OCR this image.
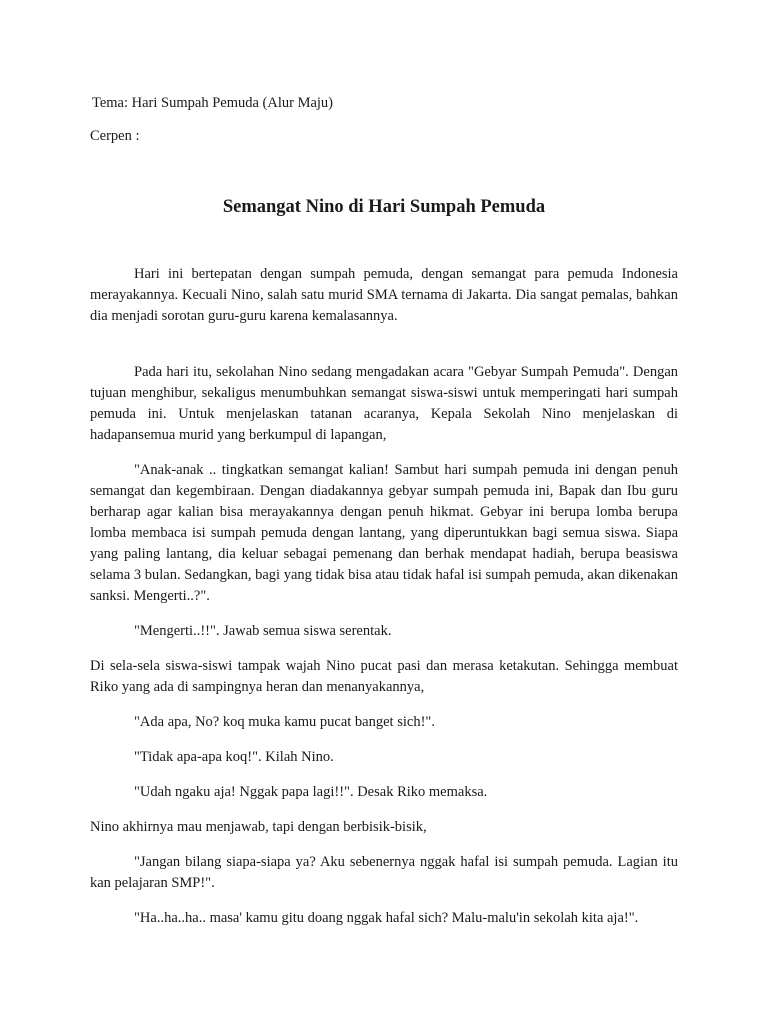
Tema: Hari Sumpah Pemuda (Alur Maju)

Cerpen :

Semangat Nino di Hari Sumpah Pemuda

Hari ini bertepatan dengan sumpah pemuda, dengan semangat para pemuda Indonesia merayakannya. Kecuali Nino, salah satu murid SMA ternama di Jakarta. Dia sangat pemalas, bahkan dia menjadi sorotan guru-guru karena kemalasannya.

Pada hari itu, sekolahan Nino sedang mengadakan acara "Gebyar Sumpah Pemuda". Dengan tujuan menghibur, sekaligus menumbuhkan semangat siswa-siswi untuk memperingati hari sumpah pemuda ini. Untuk menjelaskan tatanan acaranya, Kepala Sekolah Nino menjelaskan di hadapansemua murid yang berkumpul di lapangan,

"Anak-anak .. tingkatkan semangat kalian! Sambut hari sumpah pemuda ini dengan penuh semangat dan kegembiraan. Dengan diadakannya gebyar sumpah pemuda ini, Bapak dan Ibu guru berharap agar kalian bisa merayakannya dengan penuh hikmat. Gebyar ini berupa lomba berupa lomba membaca isi sumpah pemuda dengan lantang, yang diperuntukkan bagi semua siswa. Siapa yang paling lantang, dia keluar sebagai pemenang dan berhak mendapat hadiah, berupa beasiswa selama 3 bulan. Sedangkan, bagi yang tidak bisa atau tidak hafal isi sumpah pemuda, akan dikenakan sanksi. Mengerti..?".

"Mengerti..!!". Jawab semua siswa serentak.

Di sela-sela siswa-siswi tampak wajah Nino pucat pasi dan merasa ketakutan. Sehingga membuat Riko yang ada di sampingnya heran dan menanyakannya,

"Ada apa, No? koq muka kamu pucat banget sich!".

"Tidak apa-apa koq!". Kilah Nino.

"Udah ngaku aja! Nggak papa lagi!!". Desak Riko memaksa.

Nino akhirnya mau menjawab, tapi dengan berbisik-bisik,

"Jangan bilang siapa-siapa ya? Aku sebenernya nggak hafal isi sumpah pemuda. Lagian itu kan pelajaran SMP!".

"Ha..ha..ha.. masa' kamu gitu doang nggak hafal sich? Malu-malu'in sekolah kita aja!".
